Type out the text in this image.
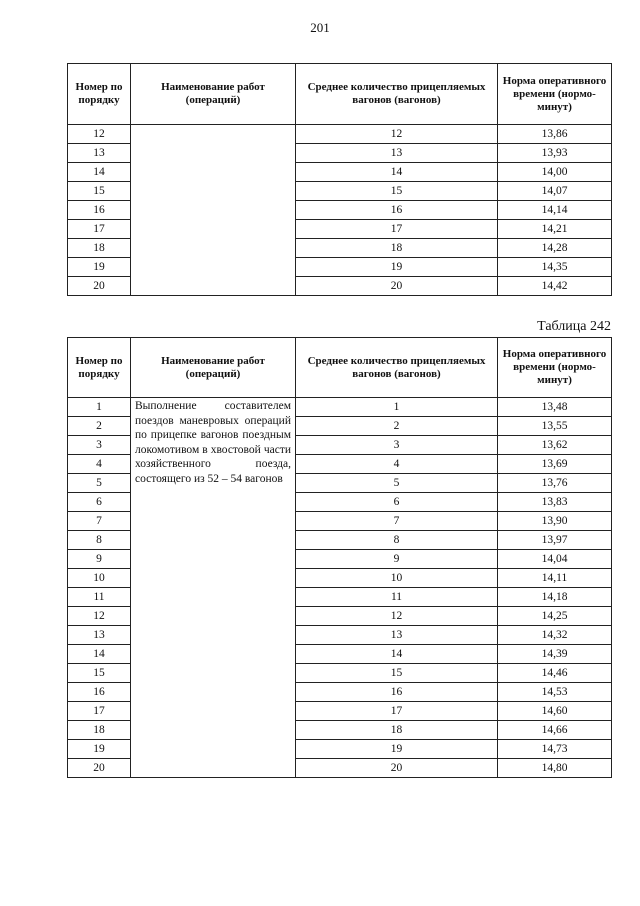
201
Номер по порядку	Наименование работ (операций)	Среднее количество прицепляемых вагонов (вагонов)	Норма оперативного времени (нормо-минут)
12		12	13,86
13		13	13,93
14		14	14,00
15		15	14,07
16		16	14,14
17		17	14,21
18		18	14,28
19		19	14,35
20		20	14,42
Таблица 242
Номер по порядку	Наименование работ (операций)	Среднее количество прицепляемых вагонов (вагонов)	Норма оперативного времени (нормо-минут)
1	Выполнение составителем поездов маневровых операций по прицепке вагонов поездным локомотивом в хвостовой части хозяйственного поезда, состоящего из 52 – 54 вагонов	1	13,48
2		2	13,55
3		3	13,62
4		4	13,69
5		5	13,76
6		6	13,83
7		7	13,90
8		8	13,97
9		9	14,04
10		10	14,11
11		11	14,18
12		12	14,25
13		13	14,32
14		14	14,39
15		15	14,46
16		16	14,53
17		17	14,60
18		18	14,66
19		19	14,73
20		20	14,80
